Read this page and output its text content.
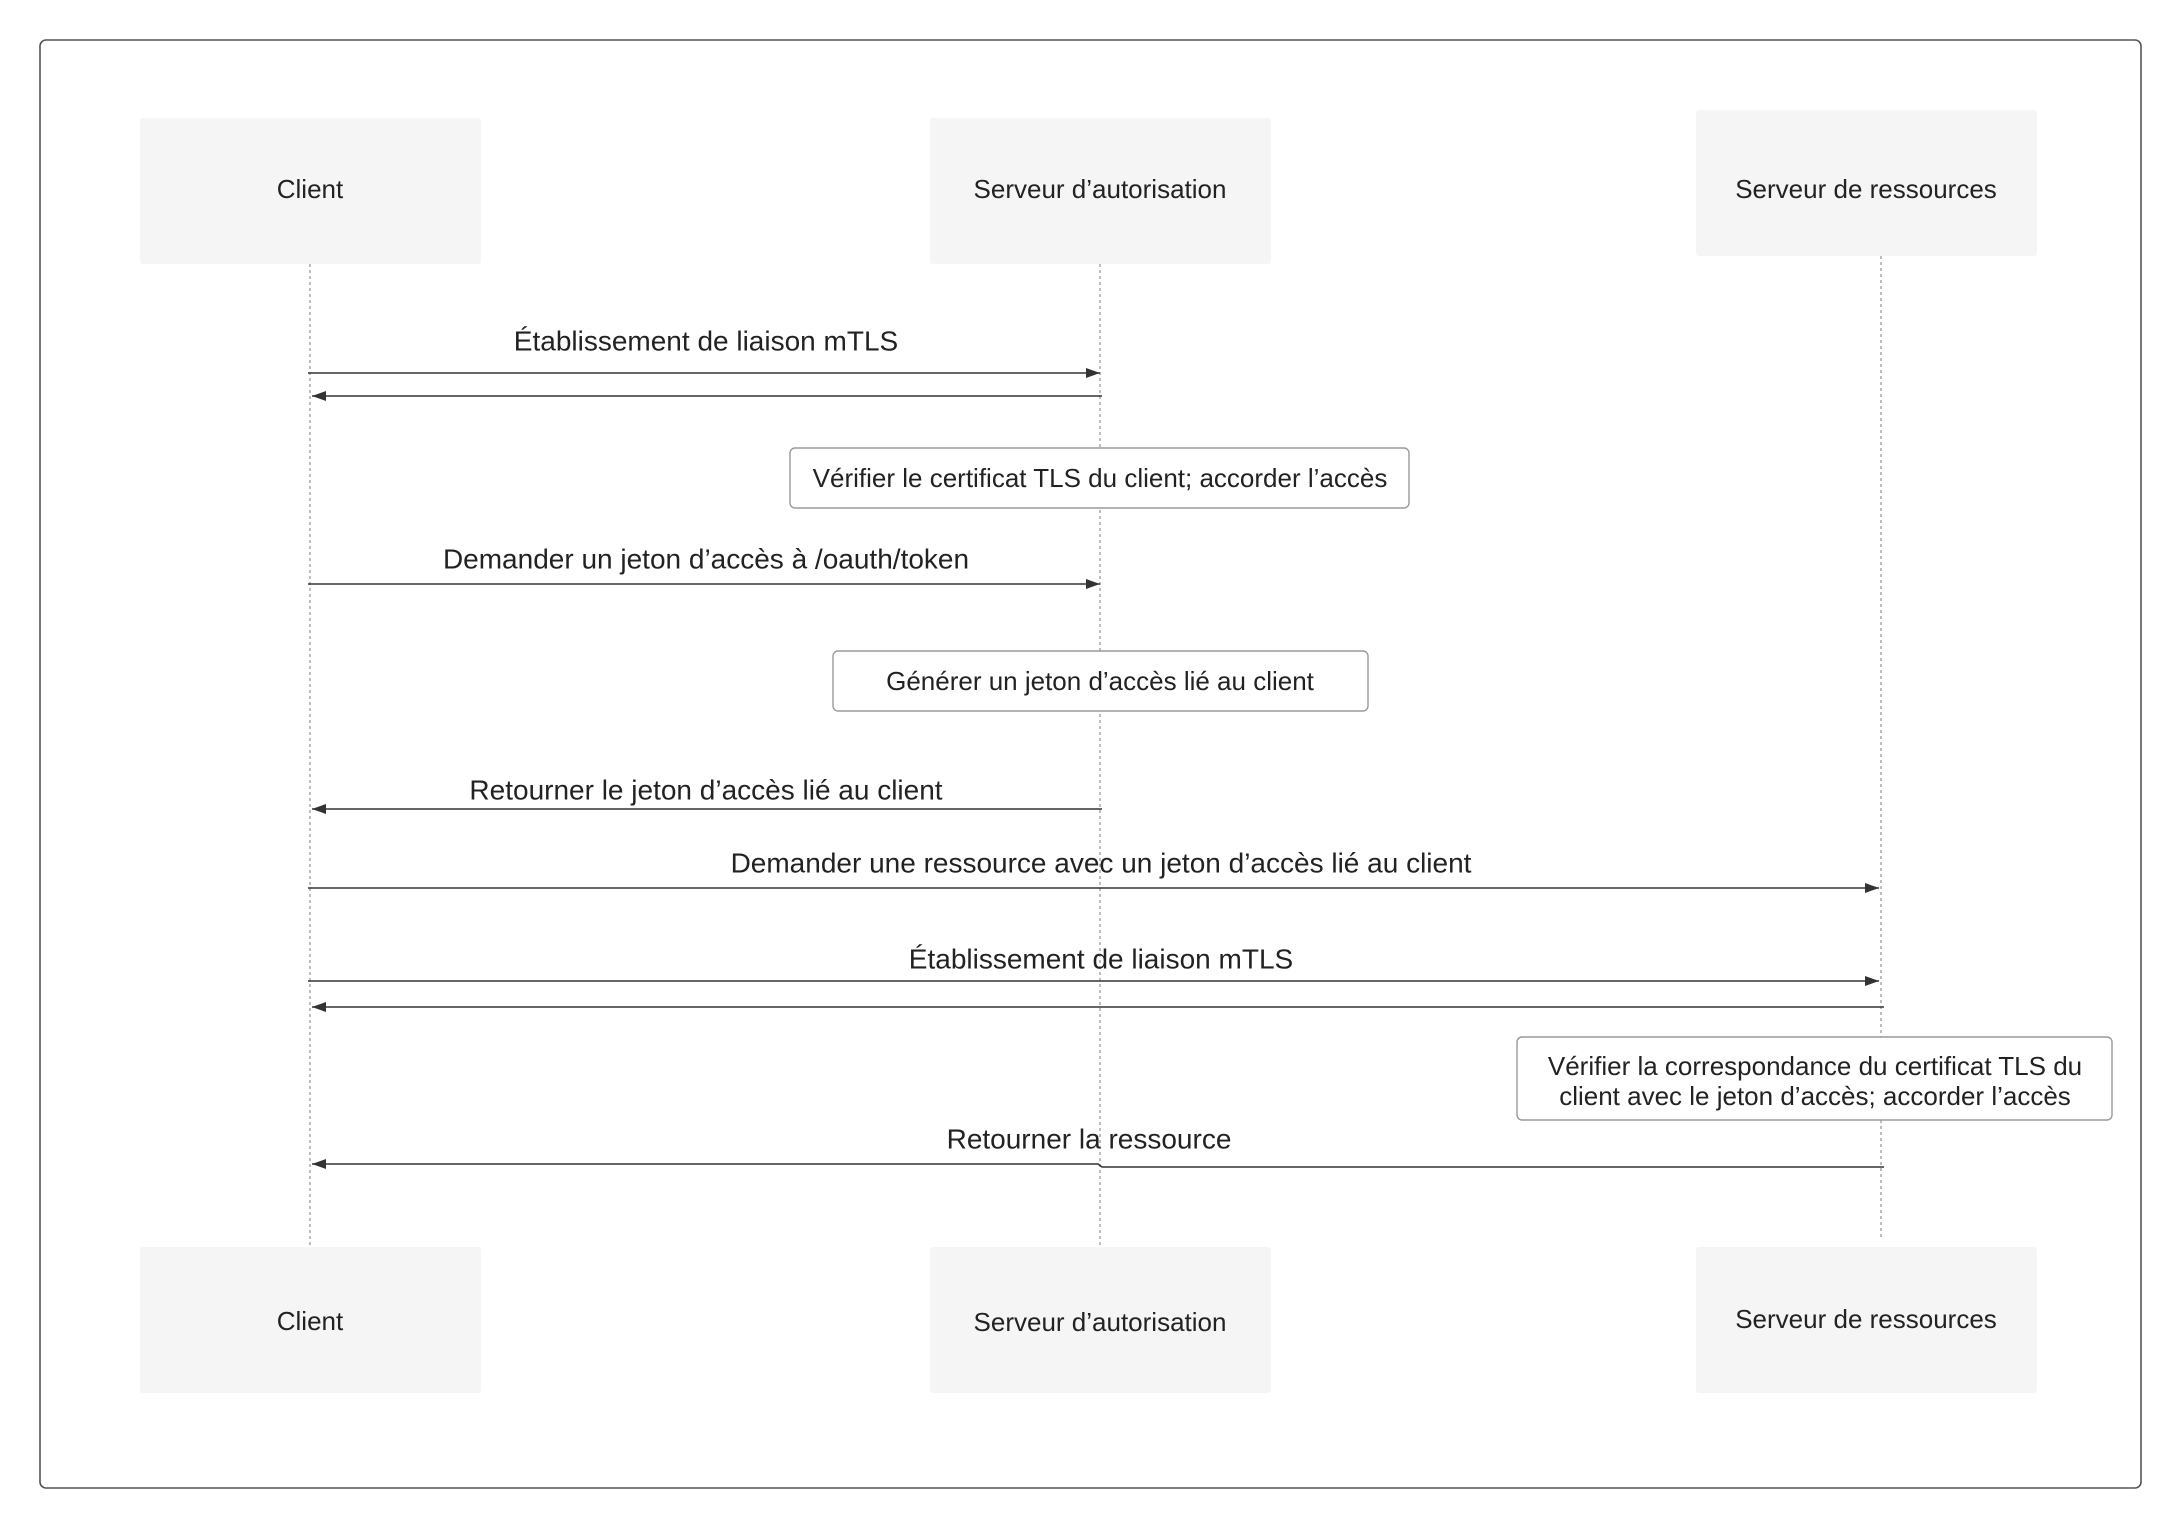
Client	Serveur d’autorisation	Serveur de ressources
Établissement de liaison mTLS
Vérifier le certificat TLS du client; accorder l’accès
Demander un jeton d’accès à /oauth/token
Générer un jeton d’accès lié au client
Retourner le jeton d’accès lié au client
Demander une ressource avec un jeton d’accès lié au client
Établissement de liaison mTLS
Vérifier la correspondance du certificat TLS du
client avec le jeton d’accès; accorder l’accès
Retourner la ressource
Client	Serveur d’autorisation	Serveur de ressources
